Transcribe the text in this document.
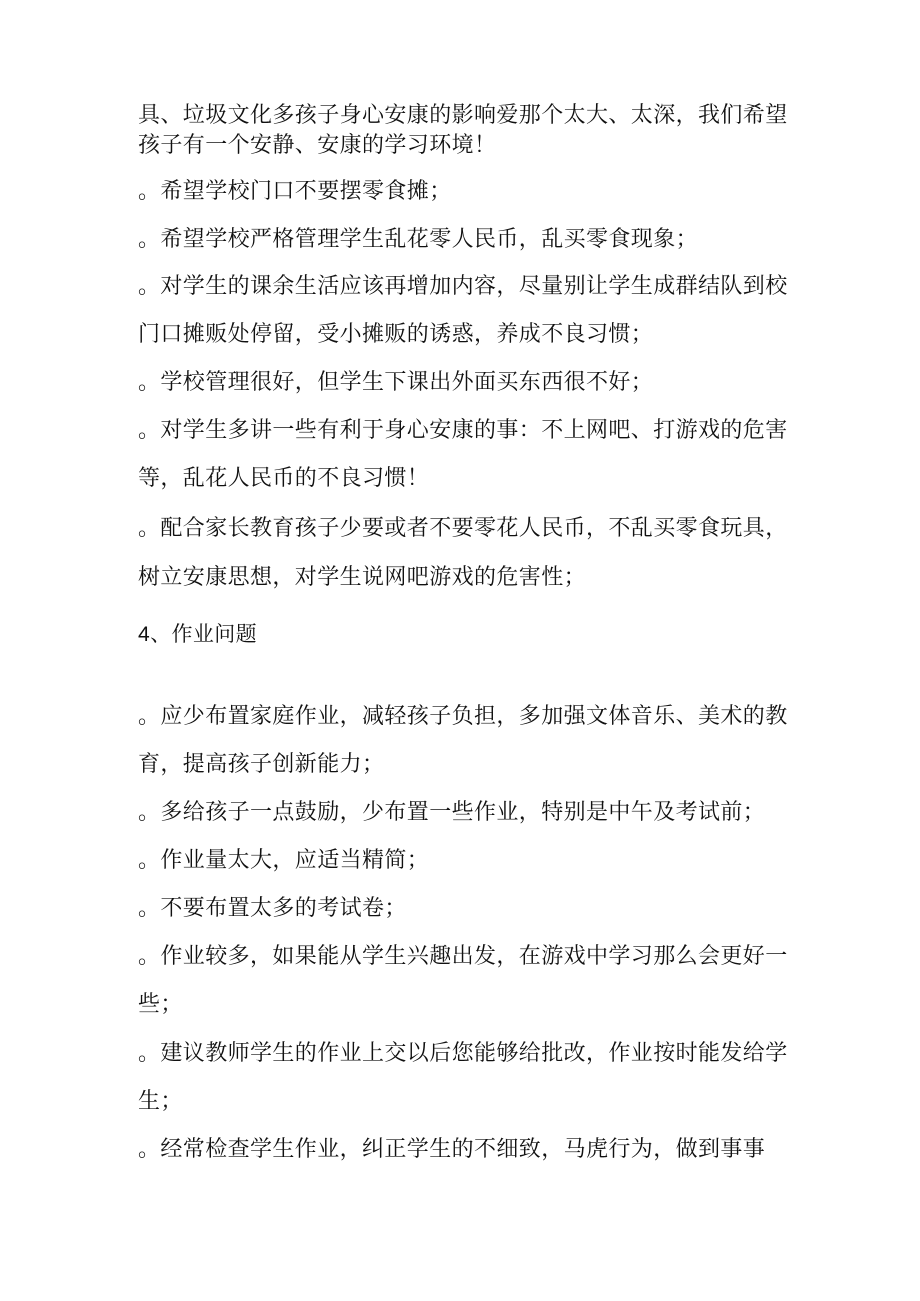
具、垃圾文化多孩子身心安康的影响爱那个太大、太深，我们希望
孩子有一个安静、安康的学习环境！
。希望学校门口不要摆零食摊；
。希望学校严格管理学生乱花零人民币，乱买零食现象；
。对学生的课余生活应该再增加内容，尽量别让学生成群结队到校
门口摊贩处停留，受小摊贩的诱惑，养成不良习惯；
。学校管理很好，但学生下课出外面买东西很不好；
。对学生多讲一些有利于身心安康的事：不上网吧、打游戏的危害
等，乱花人民币的不良习惯！
。配合家长教育孩子少要或者不要零花人民币，不乱买零食玩具，
树立安康思想，对学生说网吧游戏的危害性；
4、作业问题
。应少布置家庭作业，减轻孩子负担，多加强文体音乐、美术的教
育，提高孩子创新能力；
。多给孩子一点鼓励，少布置一些作业，特别是中午及考试前；
。作业量太大，应适当精简；
。不要布置太多的考试卷；
。作业较多，如果能从学生兴趣出发，在游戏中学习那么会更好一
些；
。建议教师学生的作业上交以后您能够给批改，作业按时能发给学
生；
。经常检查学生作业，纠正学生的不细致，马虎行为，做到事事
